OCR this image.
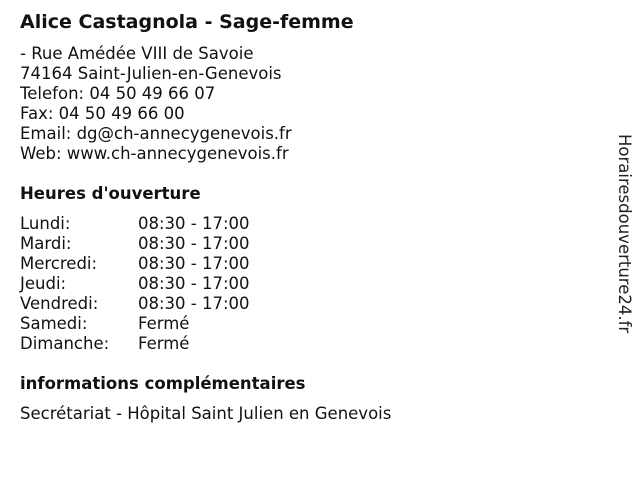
Alice Castagnola - Sage-femme
- Rue Amédée VIII de Savoie
74164 Saint-Julien-en-Genevois
Telefon: 04 50 49 66 07
Fax: 04 50 49 66 00
Email: dg@ch-annecygenevois.fr
Web: www.ch-annecygenevois.fr
Heures d'ouverture
Lundi:	08:30 - 17:00
Mardi:	08:30 - 17:00
Mercredi: 08:30 - 17:00
Jeudi:	08:30 - 17:00
Vendredi: 08:30 - 17:00
Samedi:	Fermé
Dimanche: Fermé
informations complémentaires
Secrétariat - Hôpital Saint Julien en Genevois
Horairesdouverture24.fr
